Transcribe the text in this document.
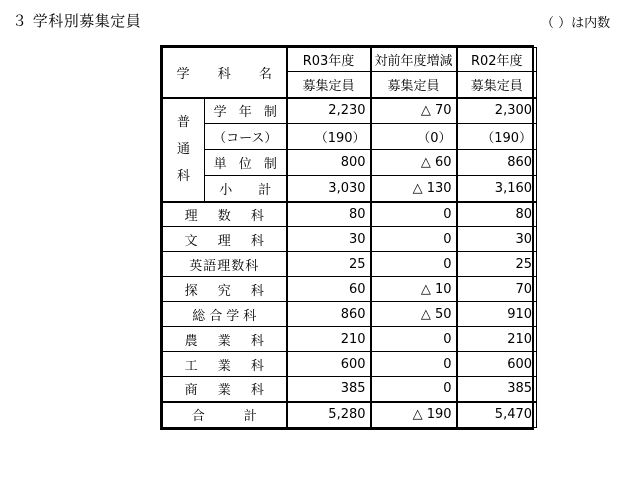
３ 学科別募集定員	（ ）は内数
学 科 名		R03年度	対前年度増減	R02年度
		募集定員	募集定員	募集定員

普
通
科	学 年 制	2,230	△ 70	2,300
	（コース）	（190）	（0）	（190）
	単 位 制	800	△ 60	860
	小　　計	3,030	△ 130	3,160
理 数 科		80	0	80
文 理 科		30	0	30
英語理数科		25	0	25
探 究 科		60	△ 10	70
総合学科		860	△ 50	910
農 業 科		210	0	210
工 業 科		600	0	600
商 業 科		385	0	385
合　　　計		5,280	△ 190	5,470
